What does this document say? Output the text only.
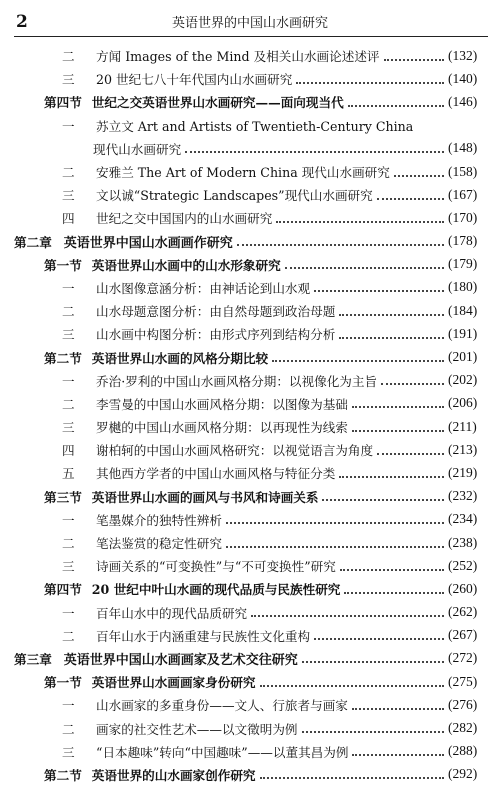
2	英语世界的中国山水画研究
二	方闻 Images of the Mind 及相关山水画论述述评	(132)
三	20 世纪七八十年代国内山水画研究	(140)
第四节 世纪之交英语世界山水画研究——面向现当代	(146)
一	苏立文 Art and Artists of Twentieth-Century China
现代山水画研究	(148)
二	安雅兰 The Art of Modern China 现代山水画研究	(158)
三	文以诚“Strategic Landscapes”现代山水画研究	(167)
四	世纪之交中国国内的山水画研究	(170)
第二章 英语世界中国山水画画作研究	(178)
第一节 英语世界山水画中的山水形象研究	(179)
一	山水图像意涵分析：由神话论到山水观	(180)
二	山水母题意图分析：由自然母题到政治母题	(184)
三	山水画中构图分析：由形式序列到结构分析	(191)
第二节 英语世界山水画的风格分期比较	(201)
一	乔治·罗利的中国山水画风格分期：以视像化为主旨	(202)
二	李雪曼的中国山水画风格分期：以图像为基础	(206)
三	罗樾的中国山水画风格分期：以再现性为线索	(211)
四	谢柏轲的中国山水画风格研究：以视觉语言为角度	(213)
五	其他西方学者的中国山水画风格与特征分类	(219)
第三节 英语世界山水画的画风与书风和诗画关系	(232)
一	笔墨媒介的独特性辨析	(234)
二	笔法鉴赏的稳定性研究	(238)
三	诗画关系的“可变换性”与“不可变换性”研究	(252)
第四节 20 世纪中叶山水画的现代品质与民族性研究	(260)
一	百年山水中的现代品质研究	(262)
二	百年山水于内涵重建与民族性文化重构	(267)
第三章 英语世界中国山水画画家及艺术交往研究	(272)
第一节 英语世界山水画画家身份研究	(275)
一	山水画家的多重身份——文人、行旅者与画家	(276)
二	画家的社交性艺术——以文徵明为例	(282)
三	“日本趣味”转向“中国趣味”——以董其昌为例	(288)
第二节 英语世界的山水画家创作研究	(292)
